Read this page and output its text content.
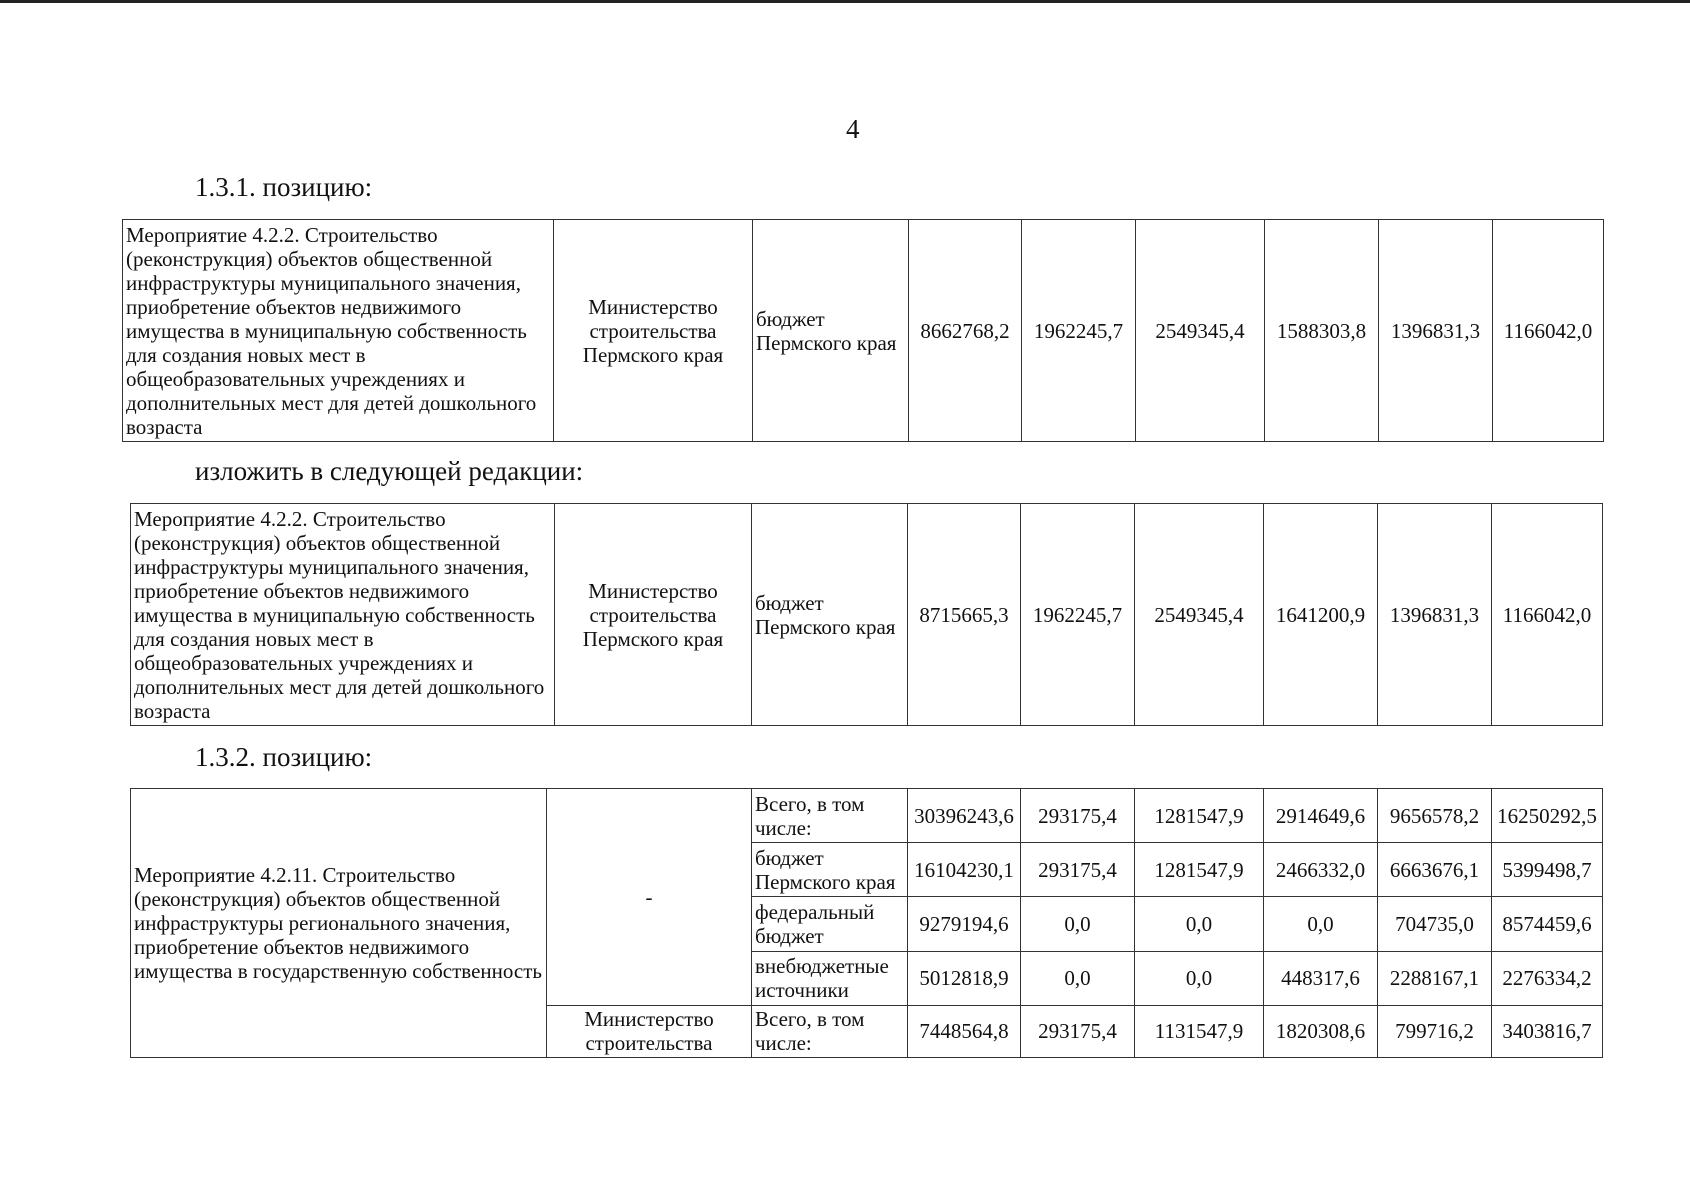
4
1.3.1. позицию:
Мероприятие 4.2.2. Строительство (реконструкция) объектов общественной инфраструктуры муниципального значения, приобретение объектов недвижимого имущества в муниципальную собственность для создания новых мест в общеобразовательных учреждениях и дополнительных мест для детей дошкольного возраста	Министерство строительства Пермского края	бюджет Пермского края	8662768,2	1962245,7	2549345,4	1588303,8	1396831,3	1166042,0
изложить в следующей редакции:
Мероприятие 4.2.2. Строительство (реконструкция) объектов общественной инфраструктуры муниципального значения, приобретение объектов недвижимого имущества в муниципальную собственность для создания новых мест в общеобразовательных учреждениях и дополнительных мест для детей дошкольного возраста	Министерство строительства Пермского края	бюджет Пермского края	8715665,3	1962245,7	2549345,4	1641200,9	1396831,3	1166042,0
1.3.2. позицию:
Мероприятие 4.2.11. Строительство (реконструкция) объектов общественной инфраструктуры регионального значения, приобретение объектов недвижимого имущества в государственную собственность	-	Всего, в том числе:	30396243,6	293175,4	1281547,9	2914649,6	9656578,2	16250292,5
		бюджет Пермского края	16104230,1	293175,4	1281547,9	2466332,0	6663676,1	5399498,7
		федеральный бюджет	9279194,6	0,0	0,0	0,0	704735,0	8574459,6
		внебюджетные источники	5012818,9	0,0	0,0	448317,6	2288167,1	2276334,2
	Министерство строительства	Всего, в том числе:	7448564,8	293175,4	1131547,9	1820308,6	799716,2	3403816,7
